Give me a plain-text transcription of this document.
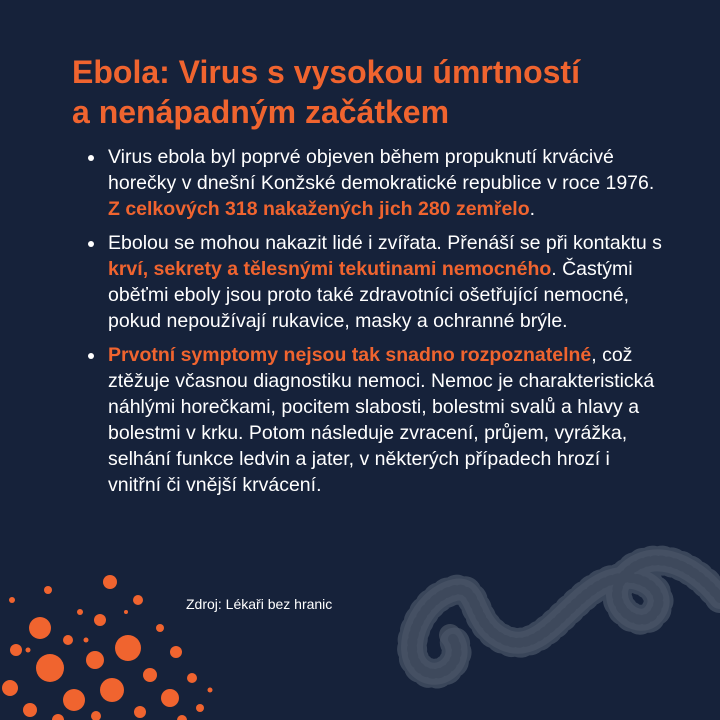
Ebola: Virus s vysokou úmrtností
a nenápadným začátkem
Virus ebola byl poprvé objeven během propuknutí krvácivé horečky v dnešní Konžské demokratické republice v roce 1976. Z celkových 318 nakažených jich 280 zemřelo.
Ebolou se mohou nakazit lidé i zvířata. Přenáší se při kontaktu s krví, sekrety a tělesnými tekutinami nemocného. Častými oběťmi eboly jsou proto také zdravotníci ošetřující nemocné, pokud nepoužívají rukavice, masky a ochranné brýle.
Prvotní symptomy nejsou tak snadno rozpoznatelné, což ztěžuje včasnou diagnostiku nemoci. Nemoc je charakteristická náhlými horečkami, pocitem slabosti, bolestmi svalů a hlavy a bolestmi v krku. Potom následuje zvracení, průjem, vyrážka, selhání funkce ledvin a jater, v některých případech hrozí i vnitřní či vnější krvácení.
Zdroj: Lékaři bez hranic
